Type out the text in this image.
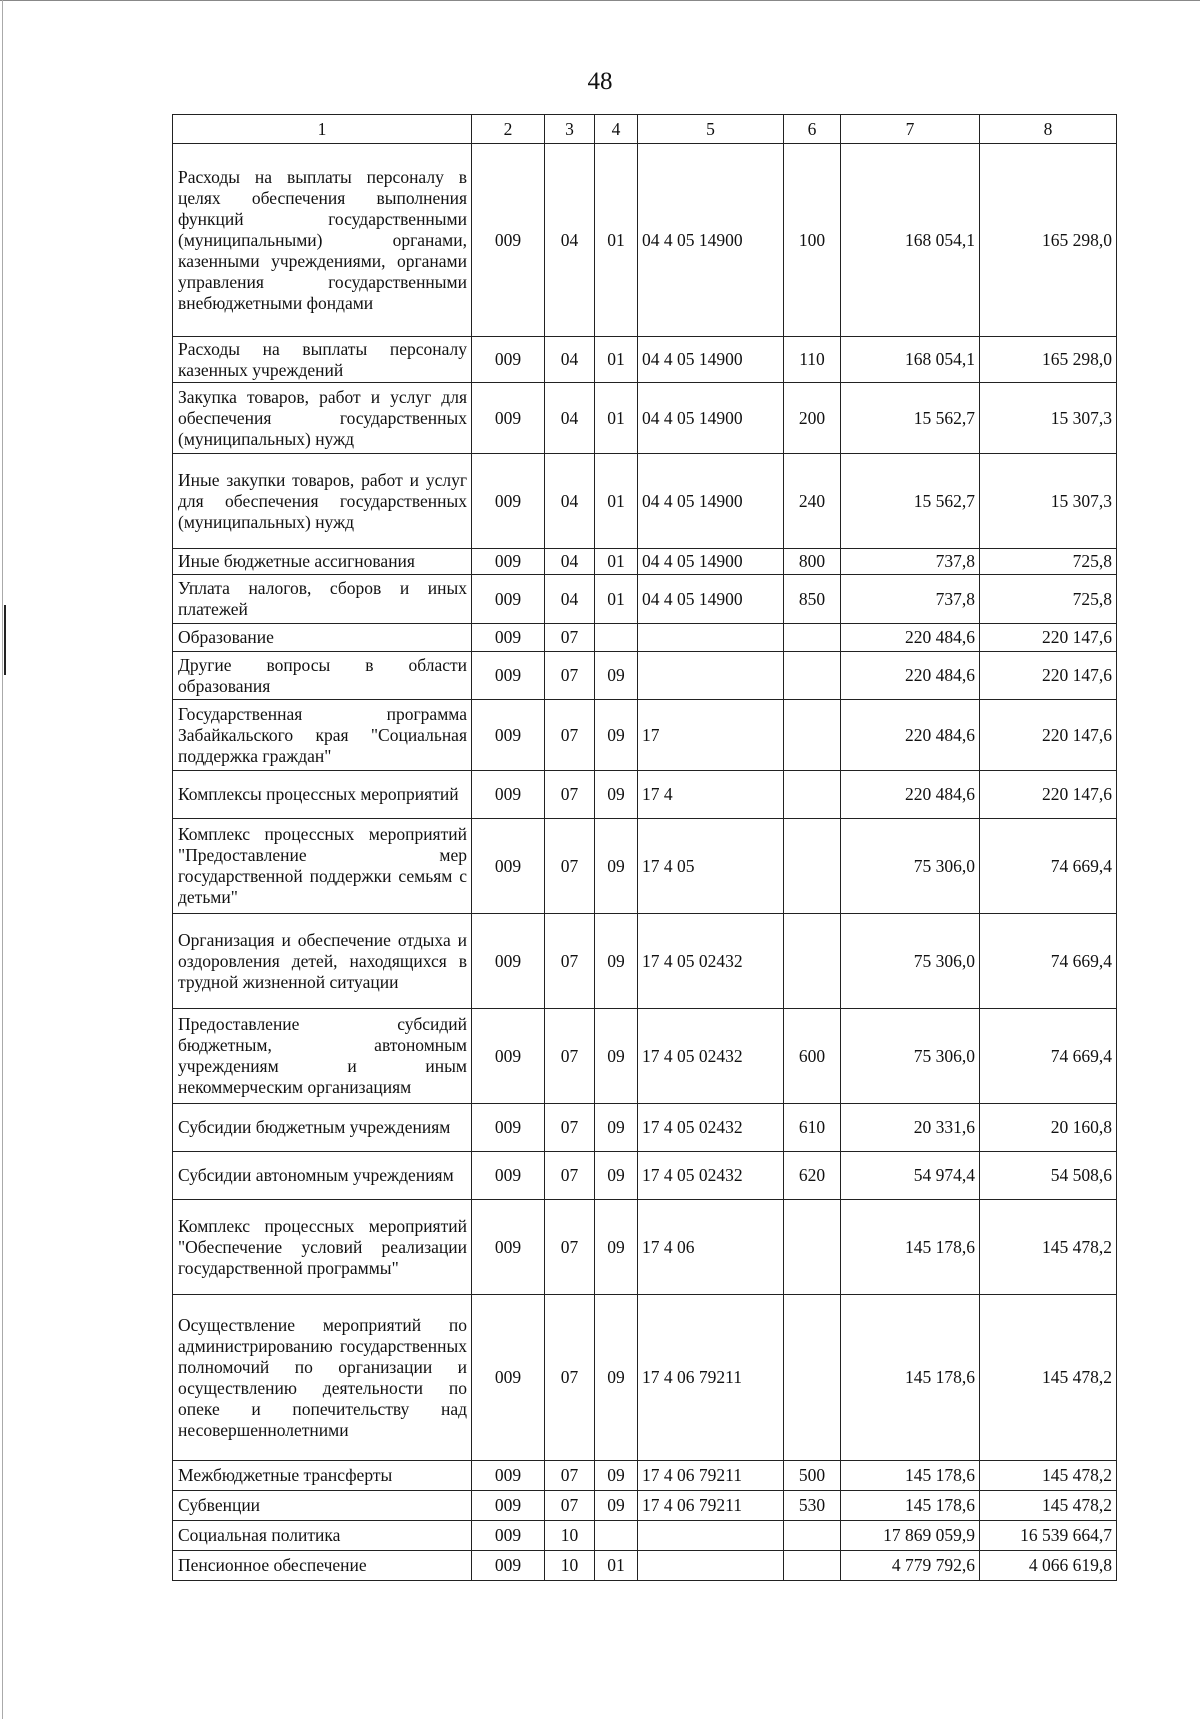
48
1	2	3	4	5	6	7	8
Расходы на выплаты персоналу в целях обеспечения выполнения функций государственными (муниципальными) органами, казенными учреждениями, органами управления государственными внебюджетными фондами	009	04	01	04 4 05 14900	100	168 054,1	165 298,0
Расходы на выплаты персоналу казенных учреждений	009	04	01	04 4 05 14900	110	168 054,1	165 298,0
Закупка товаров, работ и услуг для обеспечения государственных (муниципальных) нужд	009	04	01	04 4 05 14900	200	15 562,7	15 307,3
Иные закупки товаров, работ и услуг для обеспечения государственных (муниципальных) нужд	009	04	01	04 4 05 14900	240	15 562,7	15 307,3
Иные бюджетные ассигнования	009	04	01	04 4 05 14900	800	737,8	725,8
Уплата налогов, сборов и иных платежей	009	04	01	04 4 05 14900	850	737,8	725,8
Образование	009	07				220 484,6	220 147,6
Другие вопросы в области образования	009	07	09			220 484,6	220 147,6
Государственная программа Забайкальского края "Социальная поддержка граждан"	009	07	09	17		220 484,6	220 147,6
Комплексы процессных мероприятий	009	07	09	17 4		220 484,6	220 147,6
Комплекс процессных мероприятий "Предоставление мер государственной поддержки семьям с детьми"	009	07	09	17 4 05		75 306,0	74 669,4
Организация и обеспечение отдыха и оздоровления детей, находящихся в трудной жизненной ситуации	009	07	09	17 4 05 02432		75 306,0	74 669,4
Предоставление субсидий бюджетным, автономным учреждениям и иным некоммерческим организациям	009	07	09	17 4 05 02432	600	75 306,0	74 669,4
Субсидии бюджетным учреждениям	009	07	09	17 4 05 02432	610	20 331,6	20 160,8
Субсидии автономным учреждениям	009	07	09	17 4 05 02432	620	54 974,4	54 508,6
Комплекс процессных мероприятий "Обеспечение условий реализации государственной программы"	009	07	09	17 4 06		145 178,6	145 478,2
Осуществление мероприятий по администрированию государственных полномочий по организации и осуществлению деятельности по опеке и попечительству над несовершеннолетними	009	07	09	17 4 06 79211		145 178,6	145 478,2
Межбюджетные трансферты	009	07	09	17 4 06 79211	500	145 178,6	145 478,2
Субвенции	009	07	09	17 4 06 79211	530	145 178,6	145 478,2
Социальная политика	009	10				17 869 059,9	16 539 664,7
Пенсионное обеспечение	009	10	01			4 779 792,6	4 066 619,8
